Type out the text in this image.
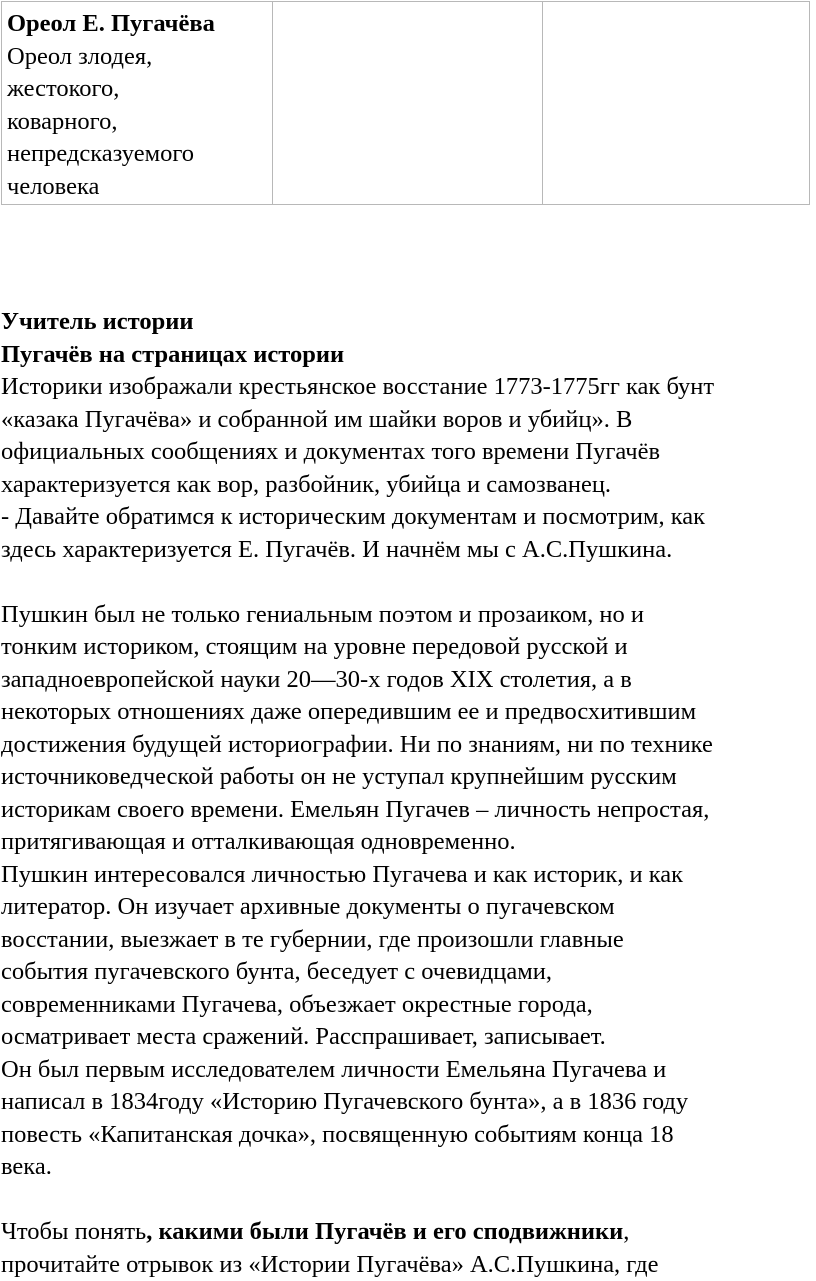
Ореол Е. Пугачёва
Ореол злодея,
жестокого,
коварного,
непредсказуемого
человека

Учитель истории

Пугачёв на страницах истории

Историки изображали крестьянское восстание 1773-1775гг как бунт

«казака Пугачёва» и собранной им шайки воров и убийц». В

официальных сообщениях и документах того времени Пугачёв

характеризуется как вор, разбойник, убийца и самозванец.

- Давайте обратимся к историческим документам и посмотрим, как

здесь характеризуется Е. Пугачёв. И начнём мы с А.С.Пушкина.

Пушкин был не только гениальным поэтом и прозаиком, но и

тонким историком, стоящим на уровне передовой русской и

западноевропейской науки 20—30-х годов XIX столетия, а в

некоторых отношениях даже опередившим ее и предвосхитившим

достижения будущей историографии. Ни по знаниям, ни по технике

источниковедческой работы он не уступал крупнейшим русским

историкам своего времени. Емельян Пугачев – личность непростая,

притягивающая и отталкивающая одновременно.

Пушкин интересовался личностью Пугачева и как историк, и как

литератор. Он изучает архивные документы о пугачевском

восстании, выезжает в те губернии, где произошли главные

события пугачевского бунта, беседует с очевидцами,

современниками Пугачева, объезжает окрестные города,

осматривает места сражений. Расспрашивает, записывает.

Он был первым исследователем личности Емельяна Пугачева и

написал в 1834году «Историю Пугачевского бунта», а в 1836 году

повесть «Капитанская дочка», посвященную событиям конца 18

века.

Чтобы понять, какими были Пугачёв и его сподвижники,

прочитайте отрывок из «Истории Пугачёва» А.С.Пушкина, где
